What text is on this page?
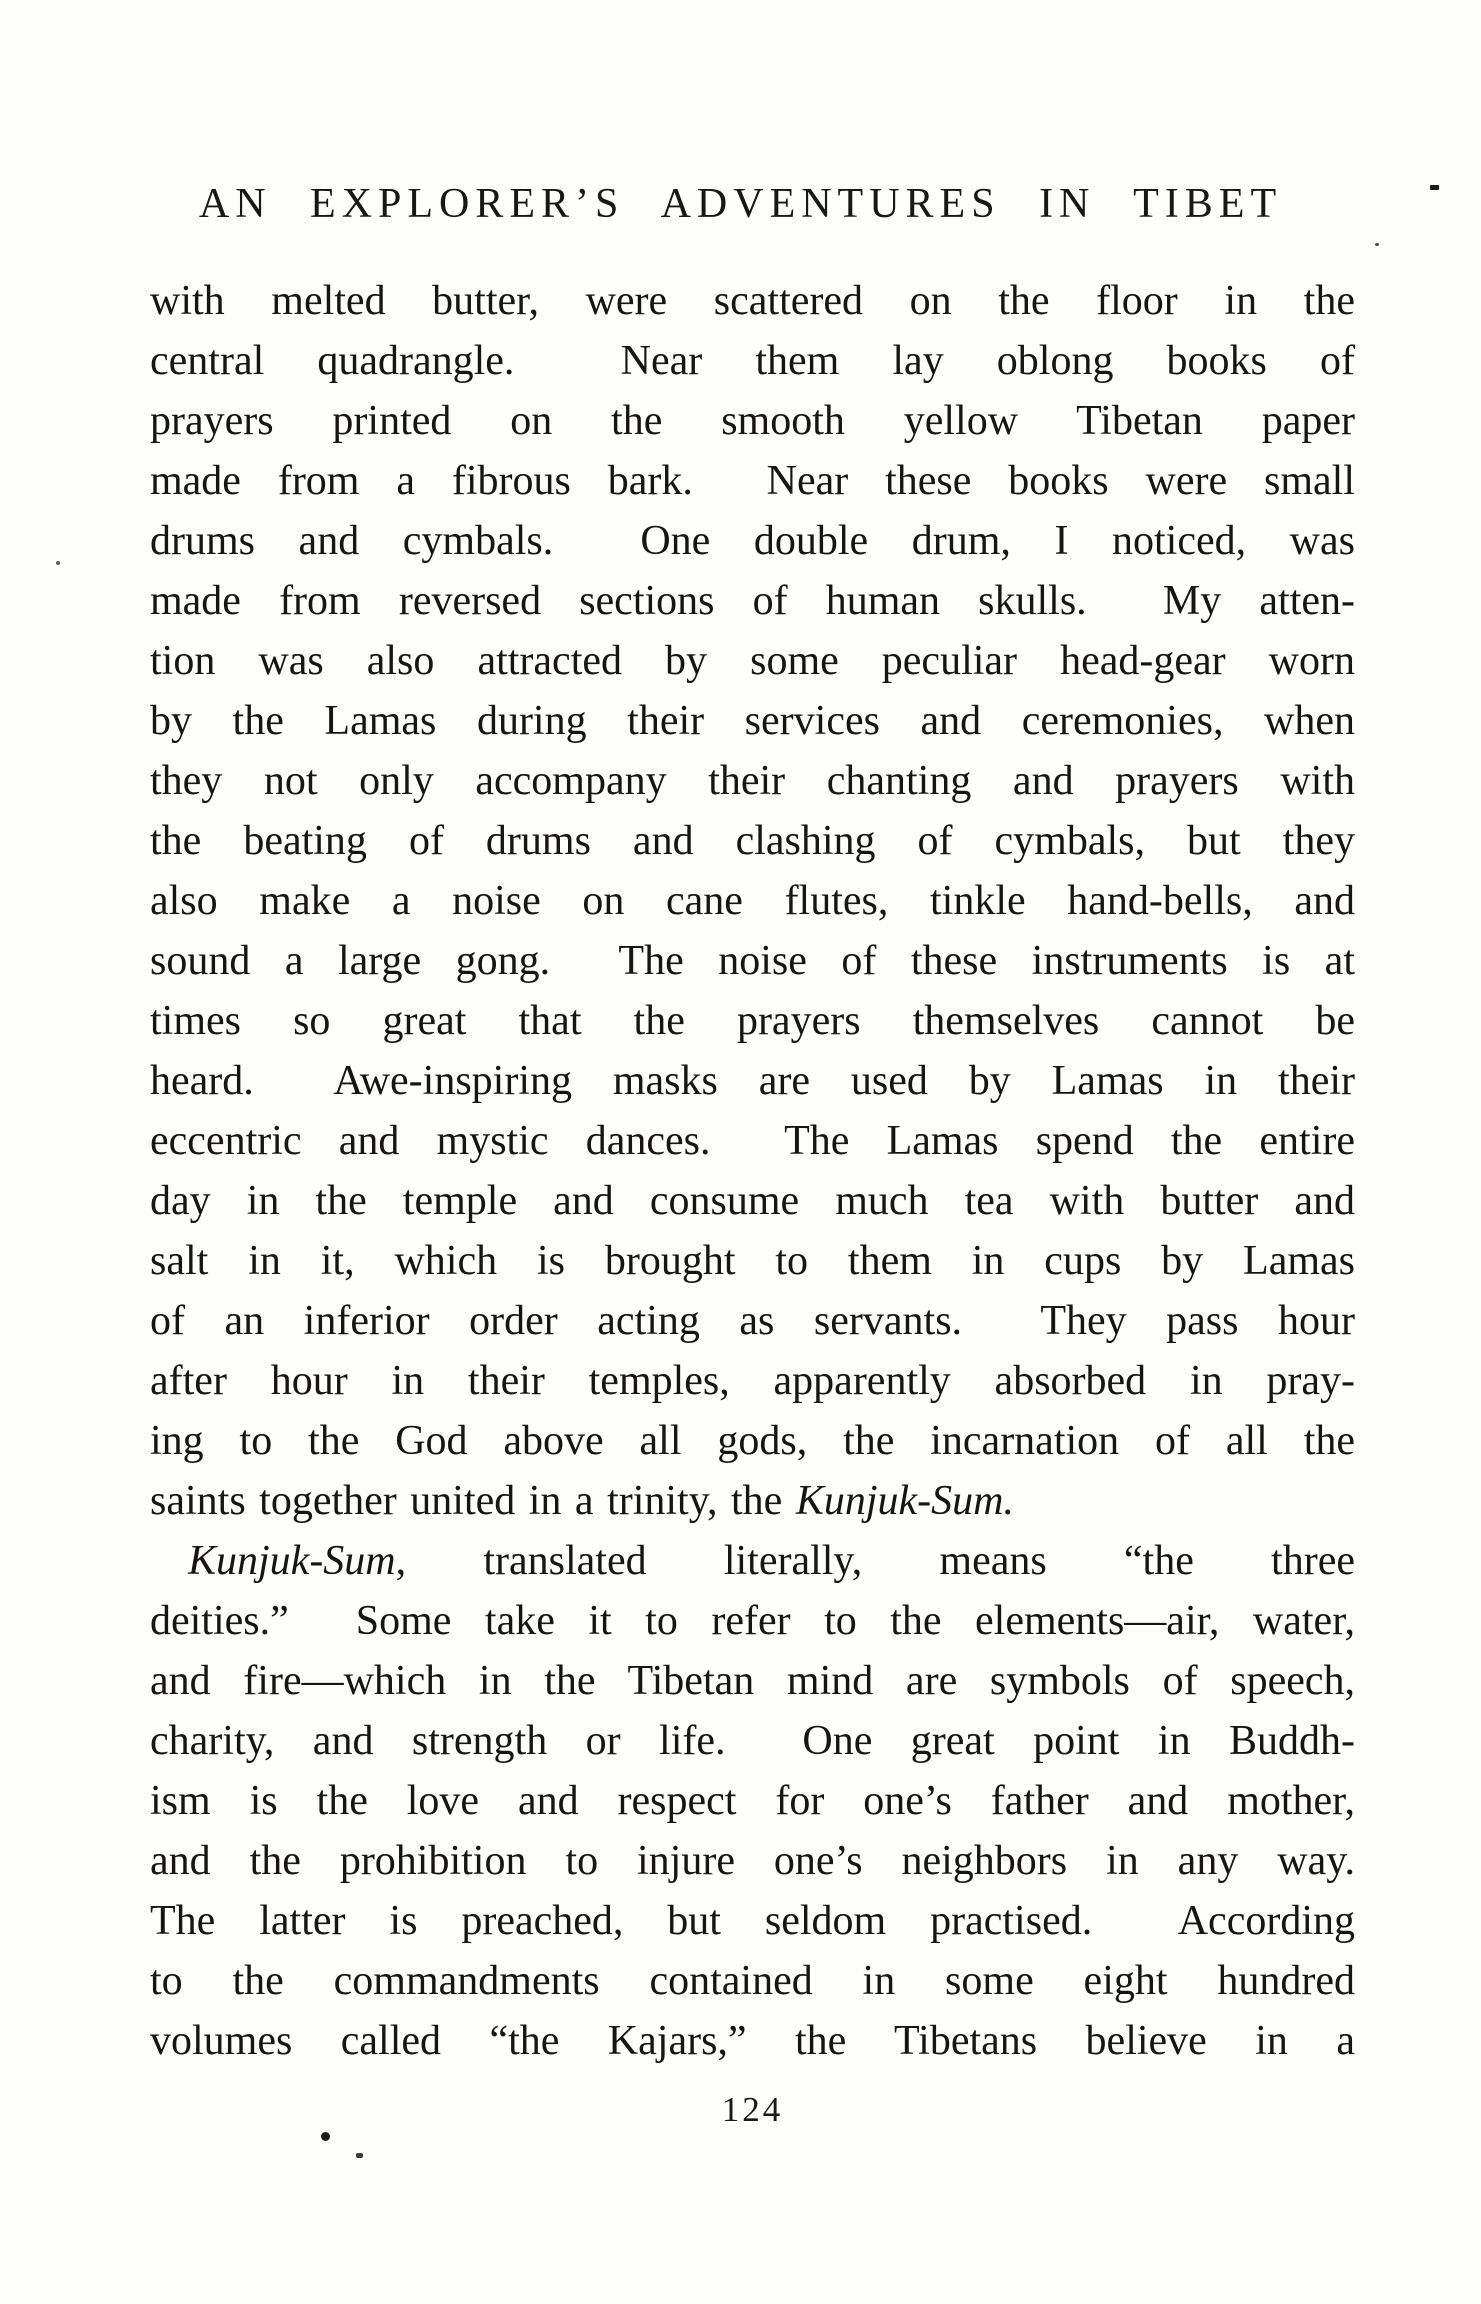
AN EXPLORER’S ADVENTURES IN TIBET
with melted butter, were scattered on the floor in the
central quadrangle.  Near them lay oblong books of
prayers printed on the smooth yellow Tibetan paper
made from a fibrous bark.  Near these books were small
drums and cymbals.  One double drum, I noticed, was
made from reversed sections of human skulls.  My atten-
tion was also attracted by some peculiar head-gear worn
by the Lamas during their services and ceremonies, when
they not only accompany their chanting and prayers with
the beating of drums and clashing of cymbals, but they
also make a noise on cane flutes, tinkle hand-bells, and
sound a large gong.  The noise of these instruments is at
times so great that the prayers themselves cannot be
heard.  Awe-inspiring masks are used by Lamas in their
eccentric and mystic dances.  The Lamas spend the entire
day in the temple and consume much tea with butter and
salt in it, which is brought to them in cups by Lamas
of an inferior order acting as servants.  They pass hour
after hour in their temples, apparently absorbed in pray-
ing to the God above all gods, the incarnation of all the
saints together united in a trinity, the Kunjuk-Sum.
Kunjuk-Sum, translated literally, means “the three
deities.”  Some take it to refer to the elements—air, water,
and fire—which in the Tibetan mind are symbols of speech,
charity, and strength or life.  One great point in Buddh-
ism is the love and respect for one’s father and mother,
and the prohibition to injure one’s neighbors in any way.
The latter is preached, but seldom practised.  According
to the commandments contained in some eight hundred
volumes called “the Kajars,” the Tibetans believe in a
124
